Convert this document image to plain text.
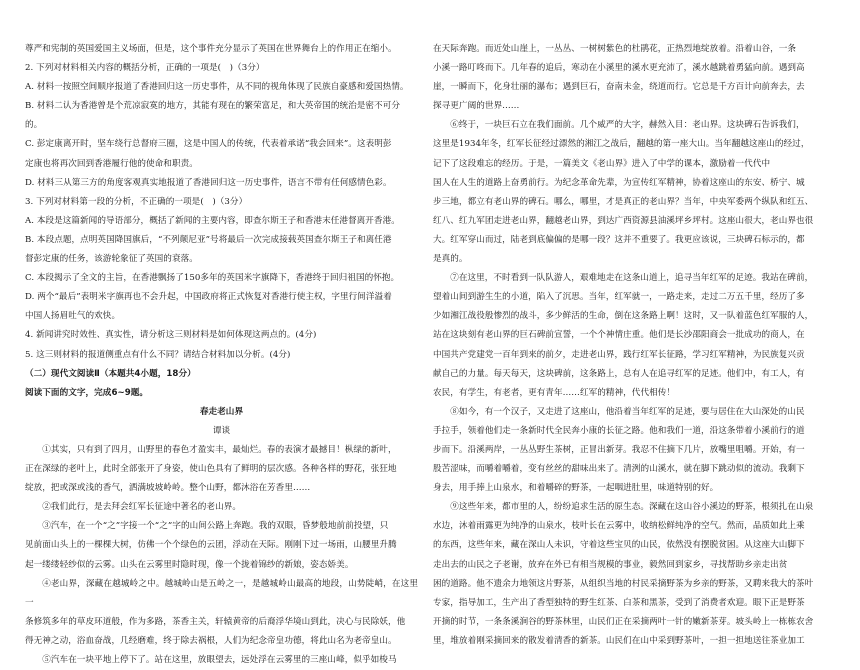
尊严和宪制的英国爱国主义场面，但是，这个事件充分显示了英国在世界舞台上的作用正在缩小。

2. 下列对材料相关内容的概括分析，正确的一项是(　)（3分）

A. 材料一按照空间顺序报道了香港回归这一历史事件，从不同的视角体现了民族自豪感和爱国热情。

B. 材料二认为香港曾是个荒凉寂寞的地方，其能有现在的繁荣富足，和大英帝国的统治是密不可分

的。

C. 彭定康离开时，坚车绕行总督府三圈，这是中国人的传统，代表着承诺“我会回来”。这表明彭

定康也将再次回到香港履行他的使命和职责。

D. 材料三从第三方的角度客观真实地报道了香港回归这一历史事件，语言不带有任何感情色彩。

3. 下列对材料第一段的分析，不正确的一项是(　)（3分）

A. 本段是这篇新闻的导语部分，概括了新闻的主要内容，即查尔斯王子和香港末任港督离开香港。

B. 本段点题，点明英国降国旗后，“不列颠尼亚”号将最后一次完成接载英国查尔斯王子和离任港

督彭定康的任务，该游轮象征了英国的衰落。

C. 本段揭示了全文的主旨，在香港飘扬了150多年的英国米字旗降下，香港终于回归祖国的怀抱。

D. 两个“最后”表明米字旗再也不会升起，中国政府将正式恢复对香港行使主权，字里行间洋溢着

中国人扬眉吐气的欢快。

4. 新闻讲究时效性、真实性，请分析这三则材料是如何体现这两点的。(4分)

5. 这三则材料的报道侧重点有什么不同？请结合材料加以分析。(4分)

（二）现代文阅读Ⅱ（本题共4小题，18分）

阅读下面的文字，完成6~9题。

春走老山界

谭谈

①其实，只有到了四月，山野里的春色才盈实丰，最灿烂。春的表演才最撼目！枞绿的新叶，

正在深绿的老叶上，此时全部张开了身姿，使山色具有了鲜明的层次感。各种各样的野花，张狂地

绽放，把或深或浅的香气，洒满坡坡岭岭。整个山野，都沐浴在芳香里……

②我们此行，是去拜会红军长征途中著名的老山界。

③汽车，在一个“之”字接一个“之”字的山间公路上奔跑。我的双眼，昏梦般地前前投望，只

见前面山头上的一棵棵大树，仿佛一个个绿色的云团，浮动在天际。刚刚下过一场雨，山腰里升腾

起一缕缕轻纱似的云雾。山头在云雾里时隐时现，像一个拢着锦纱的新娘，姿态娇美。

④老山界，深藏在越城岭之中。越城岭山是五岭之一，是越城岭山最高的地段，山势陡峭，在这里一

条修筑多年的草皮环道般，作为多路，茶香主关，轩辕黄帝的后裔浮华境山到此，决心与民除妖，他

得无神之动，浴血奋战，几经磨难，终于除去祸根，人们为纪念帝皇功德，将此山名为老帝皇山。

⑤汽车在一块平地上停下了。站在这里，放眼望去，远处浮在云雾里的三座山峰，似乎如梭马

在天际奔跑。而近处山崖上，一丛丛、一树树紫色的杜鹃花，正热烈地绽放着。沿着山谷，一条

小溪一路叮咚而下。几年春的追后，寒动在小溪里的溪水更充沛了，溪水越跳着勇猛向前。遇到高

崖，一瞬而下，化身壮丽的瀑布；遇到巨石，奋南未金，绕道而行。它总是千方百计向前奔去，去

探寻更广阔的世界……

⑥终于，一块巨石立在我们面前。几个威严的大字，赫然入目：老山界。这块碑石告诉我们，

这里是1934年冬，红军长征经过漂然的湘江之战后，翻越的第一座大山。当年翻越这座山的经过，

记下了这段难忘的经历。于是，一篇美文《老山界》进入了中学的课本，激励着一代代中

国人在人生的道路上奋勇前行。为纪念革命先辈，为宣传红军精神，协着这座山的东安、桥宁、城

步三地，都立有老山界的碑石。哪么，哪里，才是真正的老山界？当年，中央军委两个纵队和红五、

红八、红九军团走进老山界，翻越老山界，到达广西资源县油溪坪乡坪村。这座山很大，老山界也很

大。红军穿山而过，陆老到底偏偏的是哪一段？这并不重要了。我更应该说，三块碑石标示的，都

是真的。

⑦在这里，不时看到一队队游人，艰难地走在这条山道上，追寻当年红军的足迹。我站在碑前，

望着山间到游生生的小道，陷入了沉思。当年，红军就一，一路走来，走过二万五千里，经历了多

少如湘江战役般惨烈的战斗，多少鲜活的生命，倒在这条路上啊！这时，又一队着蓝色红军服的人，

站在这块刻有老山界的巨石碑前宣誓，一个个神情庄重。他们是长沙邵阳商会一批成功的商人，在

中国共产党建党一百年到来的前夕，走进老山界，践行红军长征路，学习红军精神，为民族复兴贡

献自己的力量。每天每天，这块碑前，这条路上，总有人在追寻红军的足迹。他们中，有工人，有

农民，有学生，有老者，更有青年……红军的精神，代代相传！

⑧如今，有一个汉子，又走进了这座山，他沿着当年红军的足迹，要与居住在大山深处的山民

手拉手，领着他们走一条新时代全民奔小康的长征之路。他和我们一道，沿这条带着小溪前行的道

步而下。沿溪两岸，一丛丛野生茶树，正冒出新芽。我忍不住摘下几片，放嘴里咀嚼。开始，有一

股苦涩味，而嚼着嚼着，变有丝丝的甜味出来了。清洌的山溪水，就在脚下跳动似的流动。我剩下

身去，用手捧上山泉水，和着嚼碎的野茶，一起咽进肚里，味道特别的好。

⑨这些年来，都市里的人，纷纷追求生活的原生态。深藏在这山谷小溪边的野茶，根须扎在山泉

水边，沐着雨露更为纯净的山泉水，枝叶长在云雾中，收纳松鲜纯净的空气。然而，品质如此上乘

的东西，这些年来，藏在深山人未识，守着这些宝贝的山民，依然没有摆脱贫困。从这座大山脚下

走出去的山民之子老谢，放弃在外已有相当规模的事业，毅然回到家乡，寻找帮助乡亲走出贫

困的道路。他不遗余力地领这片野茶，从组织当地的村民采摘野茶为乡亲的野茶，又聘来我大的茶叶

专家，指导加工，生产出了香型独特的野生红茶、白茶和黑茶，受到了消费者欢迎。眼下正是野茶

开摘的时节，一条条溪涧谷的野茶林里，山民们正在采摘两叶一针的嫩新茶芽。坡头岭上一栋栋农舍

里，堆放着刚采摘回来的散发着清香的新茶。山民们在山中采到野茶叶，一担一担地送往茶业加工
